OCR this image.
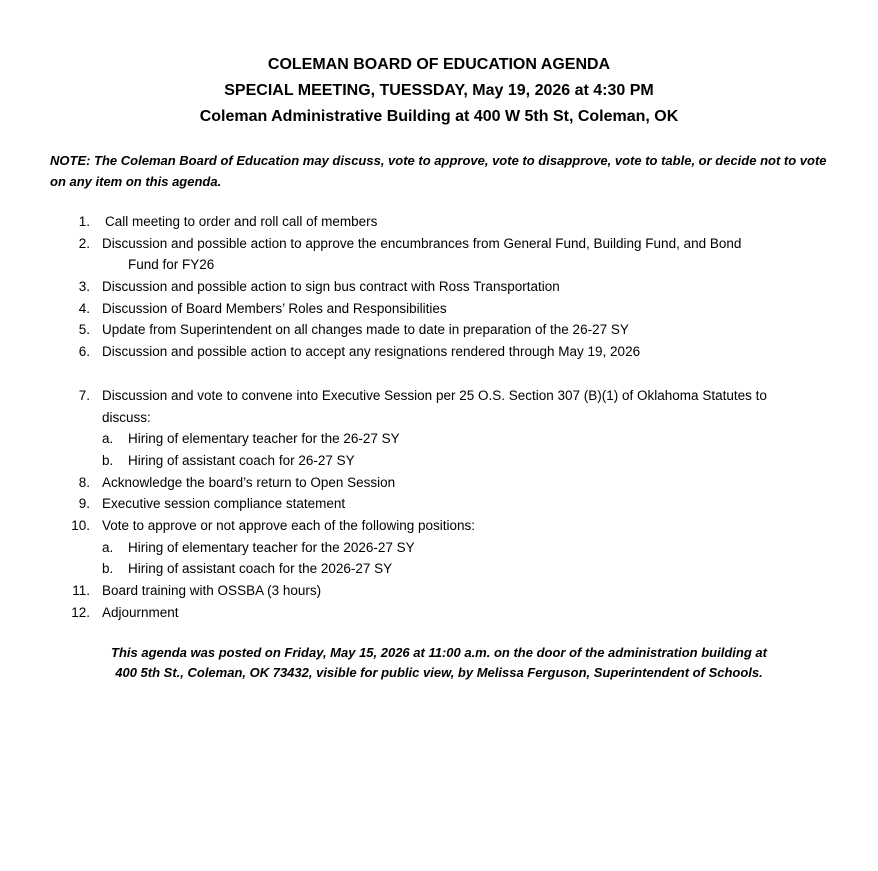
COLEMAN BOARD OF EDUCATION AGENDA
SPECIAL MEETING, TUESSDAY, May 19, 2026 at 4:30 PM
Coleman Administrative Building at 400 W 5th St, Coleman, OK
NOTE: The Coleman Board of Education may discuss, vote to approve, vote to disapprove, vote to table, or decide not to vote on any item on this agenda.
1. Call meeting to order and roll call of members
2. Discussion and possible action to approve the encumbrances from General Fund, Building Fund, and Bond
Fund for FY26
3. Discussion and possible action to sign bus contract with Ross Transportation
4. Discussion of Board Members’ Roles and Responsibilities
5. Update from Superintendent on all changes made to date in preparation of the 26-27 SY
6. Discussion and possible action to accept any resignations rendered through May 19, 2026
7. Discussion and vote to convene into Executive Session per 25 O.S. Section 307 (B)(1) of Oklahoma Statutes to
discuss:
a. Hiring of elementary teacher for the 26-27 SY
b. Hiring of assistant coach for 26-27 SY
8. Acknowledge the board’s return to Open Session
9. Executive session compliance statement
10. Vote to approve or not approve each of the following positions:
a. Hiring of elementary teacher for the 2026-27 SY
b. Hiring of assistant coach for the 2026-27 SY
11. Board training with OSSBA (3 hours)
12. Adjournment
This agenda was posted on Friday, May 15, 2026 at 11:00 a.m. on the door of the administration building at
400 5th St., Coleman, OK 73432, visible for public view, by Melissa Ferguson, Superintendent of Schools.
